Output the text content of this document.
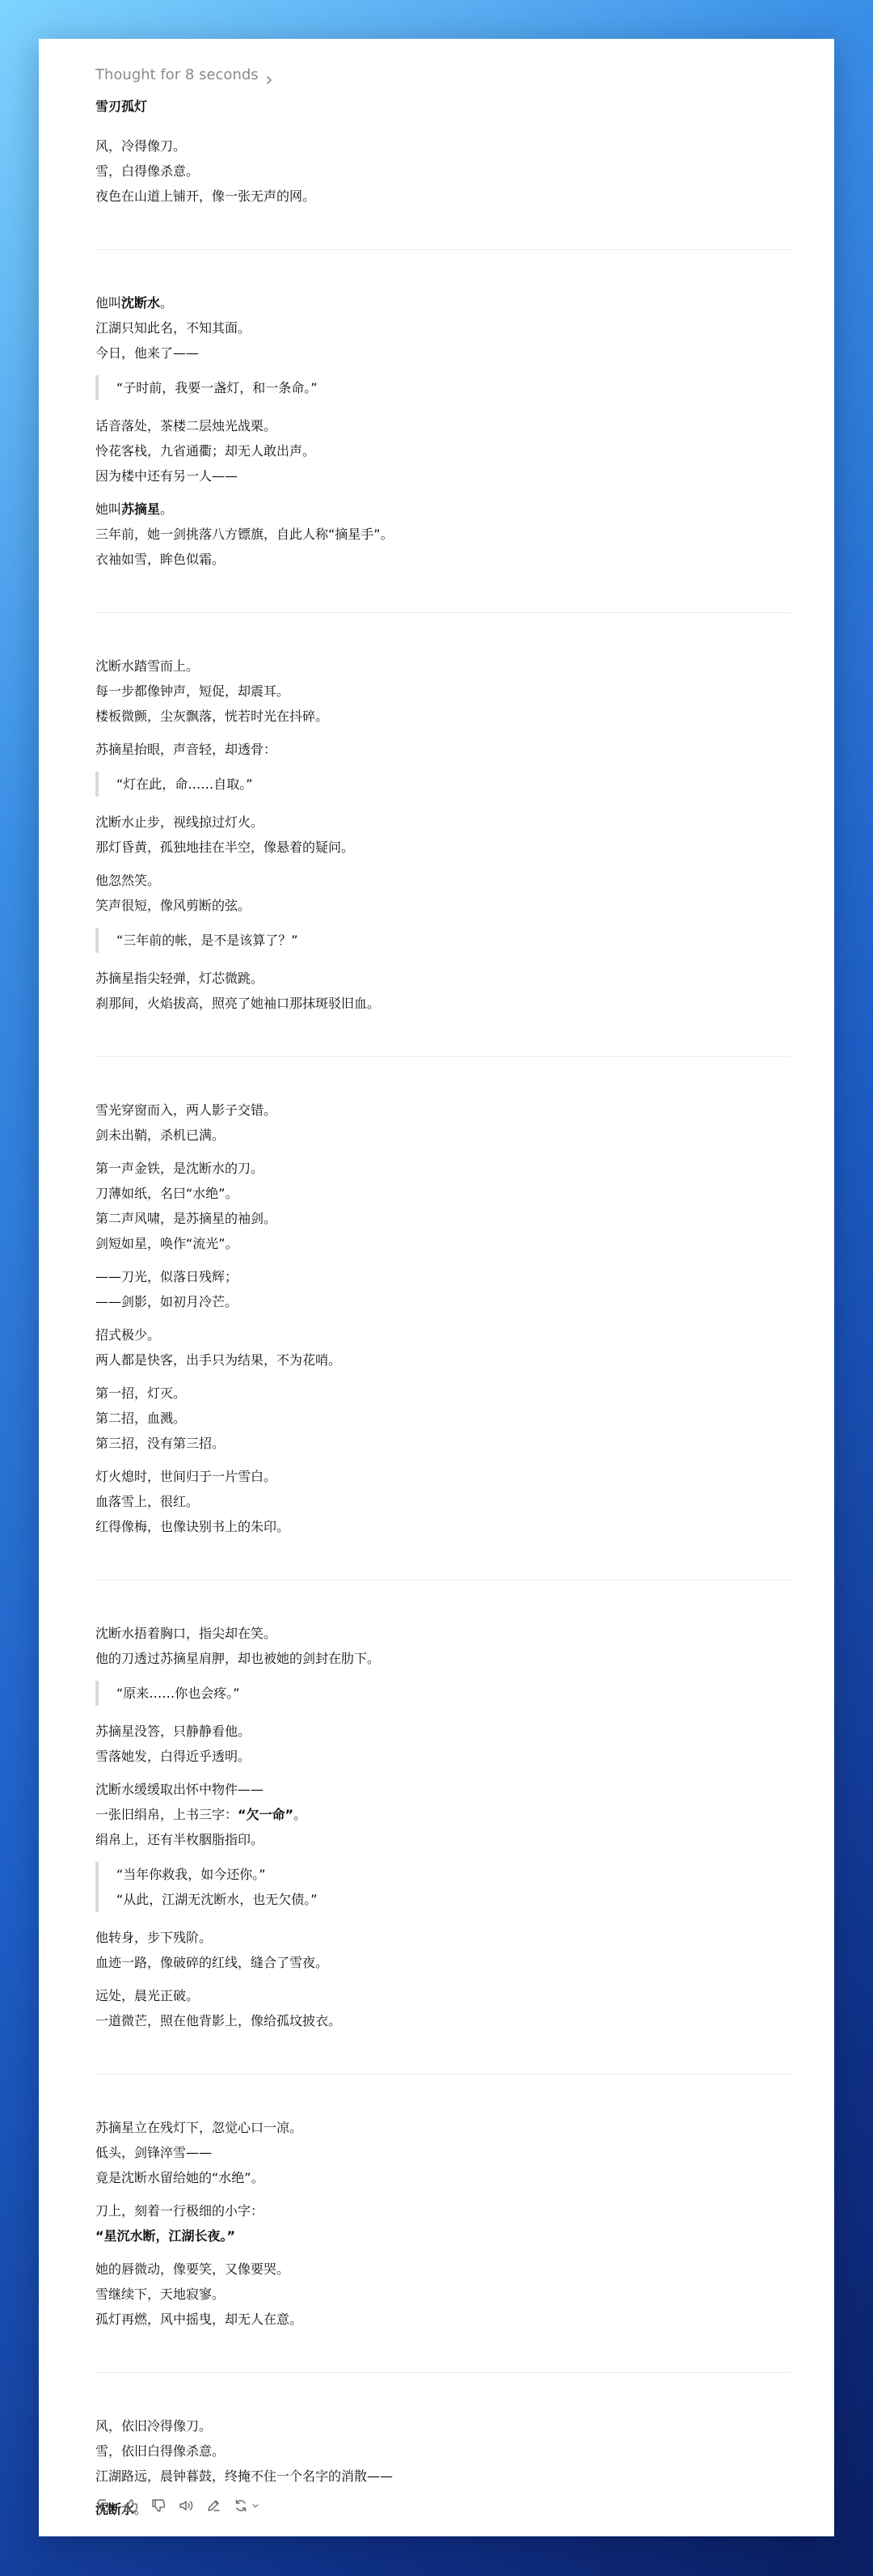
Thought for 8 seconds
雪刃孤灯

风，冷得像刀。
雪，白得像杀意。
夜色在山道上铺开，像一张无声的网。

他叫沈断水。
江湖只知此名，不知其面。
今日，他来了——

“子时前，我要一盏灯，和一条命。”

话音落处，茶楼二层烛光战栗。
怜花客栈，九省通衢；却无人敢出声。
因为楼中还有另一人——

她叫苏摘星。
三年前，她一剑挑落八方镖旗，自此人称“摘星手”。
衣袖如雪，眸色似霜。

沈断水踏雪而上。
每一步都像钟声，短促，却震耳。
楼板微颤，尘灰飘落，恍若时光在抖碎。

苏摘星抬眼，声音轻，却透骨：

“灯在此，命……自取。”

沈断水止步，视线掠过灯火。
那灯昏黄，孤独地挂在半空，像悬着的疑问。

他忽然笑。
笑声很短，像风剪断的弦。

“三年前的帐，是不是该算了？”

苏摘星指尖轻弹，灯芯微跳。
刹那间，火焰拔高，照亮了她袖口那抹斑驳旧血。

雪光穿窗而入，两人影子交错。
剑未出鞘，杀机已满。

第一声金铁，是沈断水的刀。
刀薄如纸，名曰“水绝”。
第二声风啸，是苏摘星的袖剑。
剑短如星，唤作“流光”。

——刀光，似落日残辉；
——剑影，如初月冷芒。

招式极少。
两人都是快客，出手只为结果，不为花哨。

第一招，灯灭。
第二招，血溅。
第三招，没有第三招。

灯火熄时，世间归于一片雪白。
血落雪上，很红。
红得像梅，也像诀别书上的朱印。

沈断水捂着胸口，指尖却在笑。
他的刀透过苏摘星肩胛，却也被她的剑封在肋下。

“原来……你也会疼。”

苏摘星没答，只静静看他。
雪落她发，白得近乎透明。

沈断水缓缓取出怀中物件——
一张旧绢帛，上书三字：“欠一命”。
绢帛上，还有半枚胭脂指印。

“当年你救我，如今还你。”
“从此，江湖无沈断水，也无欠债。”

他转身，步下残阶。
血迹一路，像破碎的红线，缝合了雪夜。

远处，晨光正破。
一道微芒，照在他背影上，像给孤坟披衣。

苏摘星立在残灯下，忽觉心口一凉。
低头，剑锋淬雪——
竟是沈断水留给她的“水绝”。

刀上，刻着一行极细的小字：
“星沉水断，江湖长夜。”

她的唇微动，像要笑，又像要哭。
雪继续下，天地寂寥。
孤灯再燃，风中摇曳，却无人在意。

风，依旧冷得像刀。
雪，依旧白得像杀意。
江湖路远，晨钟暮鼓，终掩不住一个名字的消散——

沈断水。
